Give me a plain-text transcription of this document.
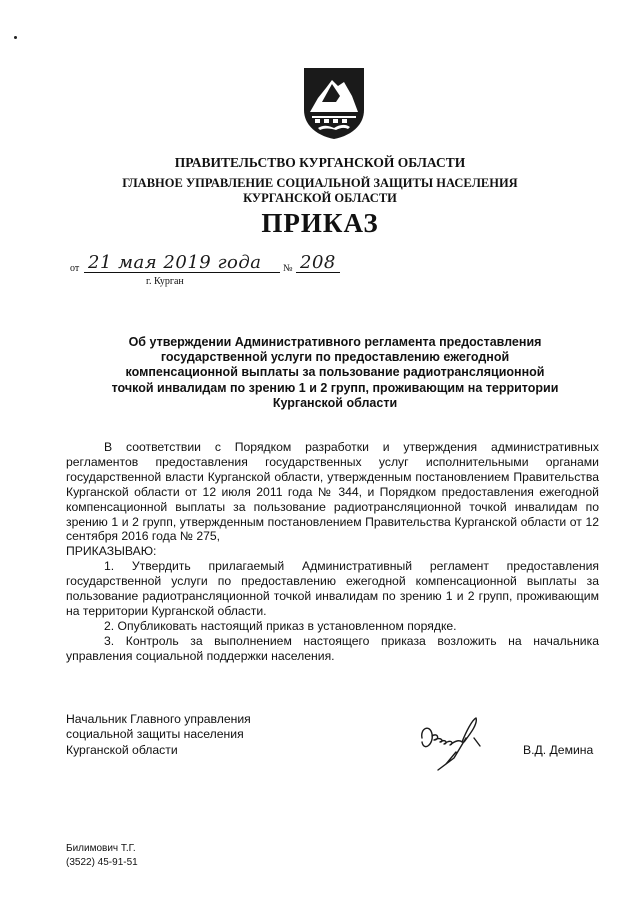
ПРАВИТЕЛЬСТВО КУРГАНСКОЙ ОБЛАСТИ
ГЛАВНОЕ УПРАВЛЕНИЕ СОЦИАЛЬНОЙ ЗАЩИТЫ НАСЕЛЕНИЯ
КУРГАНСКОЙ ОБЛАСТИ
ПРИКАЗ
от 21 мая 2019 года № 208
г. Курган
Об утверждении Административного регламента предоставления
государственной услуги по предоставлению ежегодной
компенсационной выплаты за пользование радиотрансляционной
точкой инвалидам по зрению 1 и 2 групп, проживающим на территории
Курганской области

В соответствии с Порядком разработки и утверждения административных регламентов предоставления государственных услуг исполнительными органами государственной власти Курганской области, утвержденным постановлением Правительства Курганской области от 12 июля 2011 года № 344, и Порядком предоставления ежегодной компенсационной выплаты за пользование радиотрансляционной точкой инвалидам по зрению 1 и 2 групп, утвержденным постановлением Правительства Курганской области от 12 сентября 2016 года № 275,

ПРИКАЗЫВАЮ:

1. Утвердить прилагаемый Административный регламент предоставления государственной услуги по предоставлению ежегодной компенсационной выплаты за пользование радиотрансляционной точкой инвалидам по зрению 1 и 2 групп, проживающим на территории Курганской области.

2. Опубликовать настоящий приказ в установленном порядке.

3. Контроль за выполнением настоящего приказа возложить на начальника управления социальной поддержки населения.

Начальник Главного управления
социальной защиты населения
Курганской области	В.Д. Демина
Билимович Т.Г.
(3522) 45-91-51
